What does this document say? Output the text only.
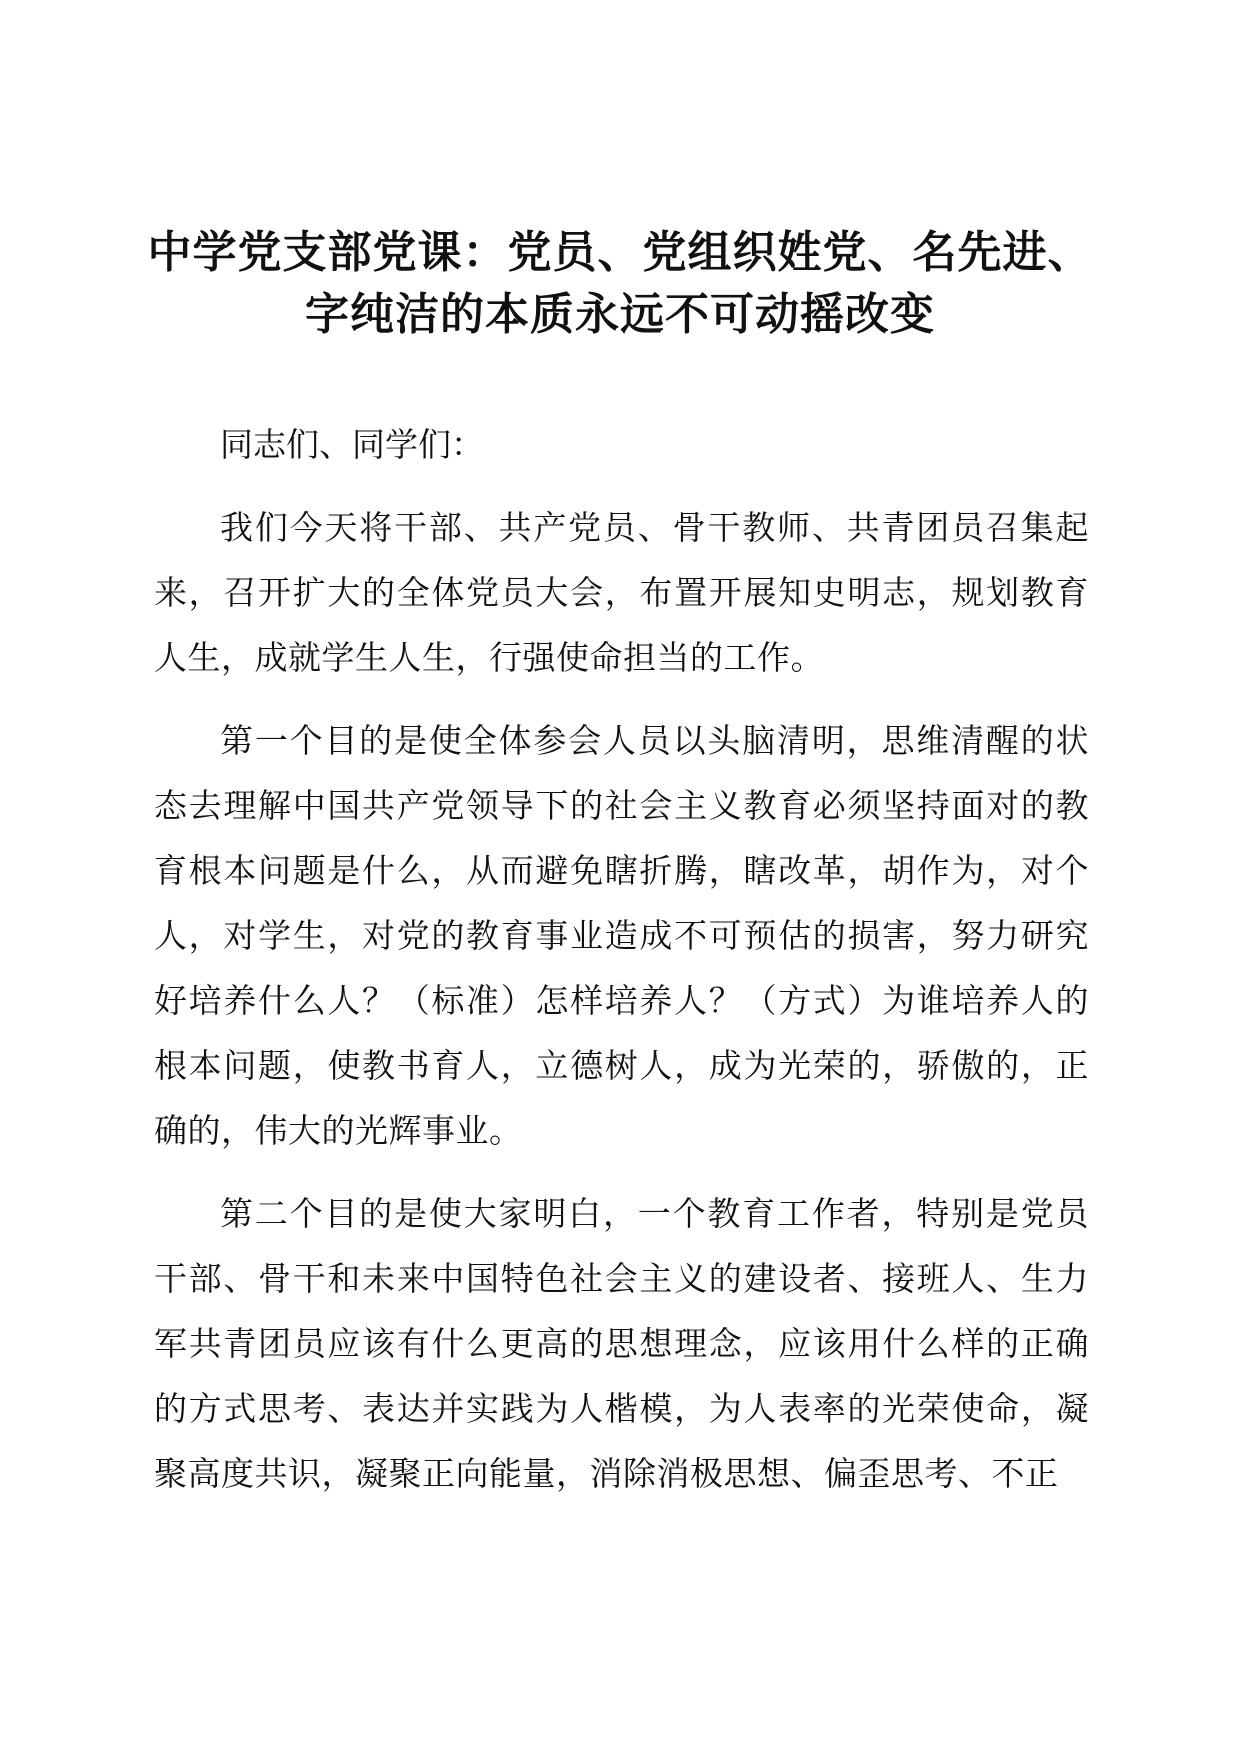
中学党支部党课：党员、党组织姓党、名先进、
字纯洁的本质永远不可动摇改变

同志们、同学们：

我们今天将干部、共产党员、骨干教师、共青团员召集起来，召开扩大的全体党员大会，布置开展知史明志，规划教育人生，成就学生人生，行强使命担当的工作。

第一个目的是使全体参会人员以头脑清明，思维清醒的状态去理解中国共产党领导下的社会主义教育必须坚持面对的教育根本问题是什么，从而避免瞎折腾，瞎改革，胡作为，对个人，对学生，对党的教育事业造成不可预估的损害，努力研究好培养什么人？（标准）怎样培养人？（方式）为谁培养人的根本问题，使教书育人，立德树人，成为光荣的，骄傲的，正确的，伟大的光辉事业。

第二个目的是使大家明白，一个教育工作者，特别是党员干部、骨干和未来中国特色社会主义的建设者、接班人、生力军共青团员应该有什么更高的思想理念，应该用什么样的正确的方式思考、表达并实践为人楷模，为人表率的光荣使命，凝聚高度共识，凝聚正向能量，消除消极思想、偏歪思考、不正
